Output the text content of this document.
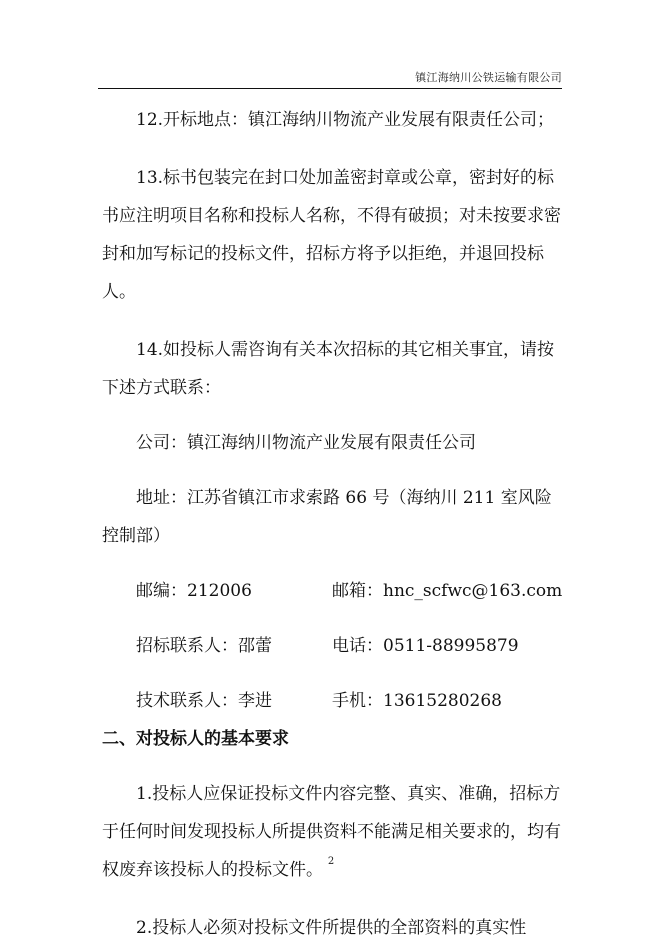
镇江海纳川公铁运输有限公司

12.开标地点：镇江海纳川物流产业发展有限责任公司；

13.标书包装完在封口处加盖密封章或公章，密封好的标书应注明项目名称和投标人名称，不得有破损；对未按要求密封和加写标记的投标文件，招标方将予以拒绝，并退回投标人。

14.如投标人需咨询有关本次招标的其它相关事宜，请按下述方式联系：

公司：镇江海纳川物流产业发展有限责任公司

地址：江苏省镇江市求索路 66 号（海纳川 211 室风险控制部）

邮编：212006	邮箱：hnc_scfwc@163.com
招标联系人：邵蕾	电话：0511-88995879
技术联系人：李进	手机：13615280268
二、对投标人的基本要求

1.投标人应保证投标文件内容完整、真实、准确，招标方于任何时间发现投标人所提供资料不能满足相关要求的，均有权废弃该投标人的投标文件。

2.投标人必须对投标文件所提供的全部资料的真实性

2
